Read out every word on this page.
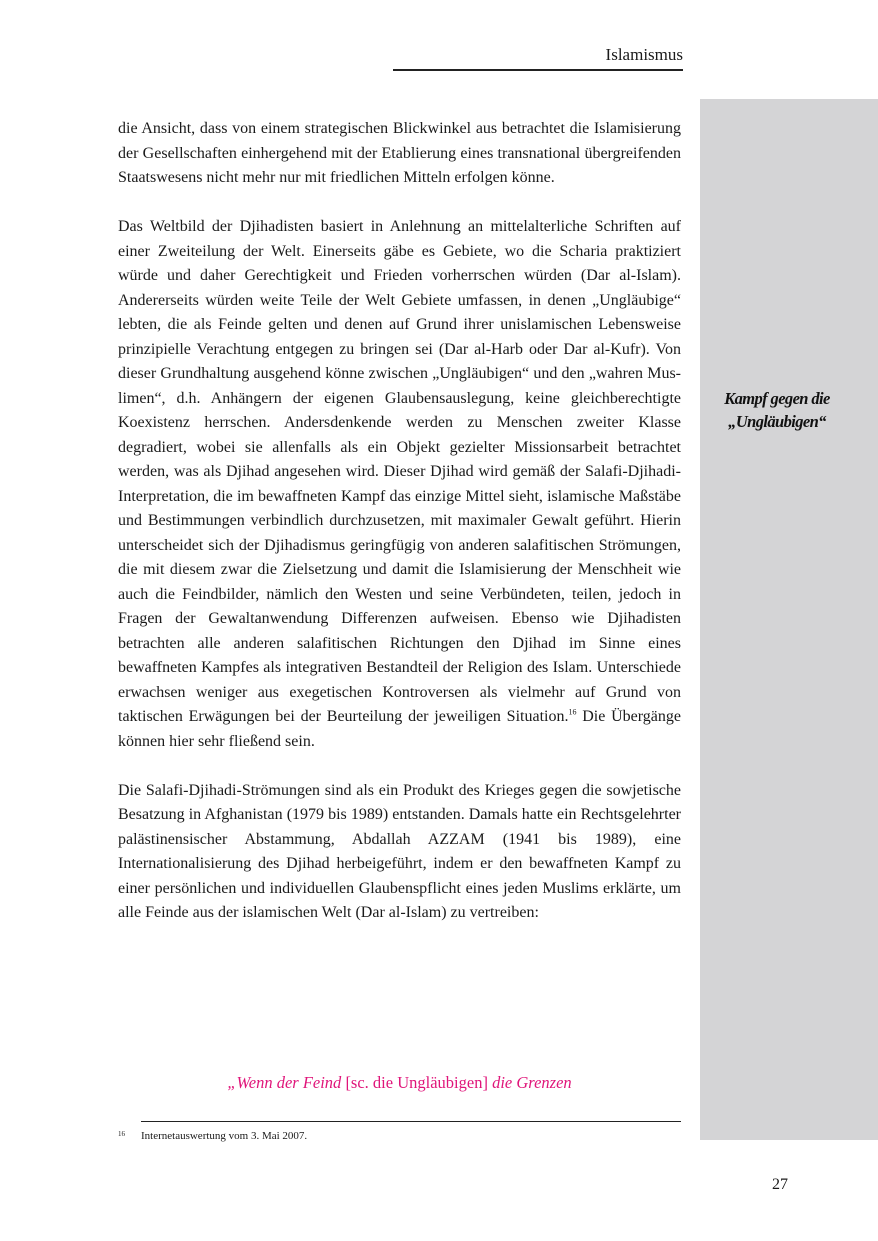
Islamismus
Kampf gegen die
„Ungläubigen“

die Ansicht, dass von einem strategischen Blickwinkel aus betrachtet die Islamisierung der Gesellschaften einhergehend mit der Etablierung eines transnational übergreifenden Staatswesens nicht mehr nur mit friedlichen Mitteln erfolgen könne.

Das Weltbild der Djihadisten basiert in Anlehnung an mittelalterliche Schriften auf einer Zweiteilung der Welt. Einerseits gäbe es Gebiete, wo die Scharia praktiziert würde und daher Gerechtigkeit und Frieden vorherrschen würden (Dar al-Islam). Andererseits würden weite Teile der Welt Gebiete umfassen, in denen „Ungläubige“ lebten, die als Feinde gelten und denen auf Grund ihrer unislamischen Lebensweise prinzipielle Verachtung entgegen zu bringen sei (Dar al-Harb oder Dar al-Kufr). Von dieser Grundhaltung ausgehend könne zwischen „Ungläubigen“ und den „wahren Muslimen“, d.h. Anhängern der eigenen Glaubensauslegung, keine gleichberechtigte Koexistenz herrschen. Andersdenkende werden zu Menschen zweiter Klasse degradiert, wobei sie allenfalls als ein Objekt gezielter Missionsarbeit betrachtet werden, was als Djihad angesehen wird. Dieser Djihad wird gemäß der Salafi-Djihadi-Interpretation, die im bewaffneten Kampf das einzige Mittel sieht, islamische Maßstäbe und Bestimmungen verbindlich durchzusetzen, mit maximaler Gewalt geführt. Hierin unterscheidet sich der Djihadismus geringfügig von anderen salafitischen Strömungen, die mit diesem zwar die Zielsetzung und damit die Islamisierung der Menschheit wie auch die Feindbilder, nämlich den Westen und seine Verbündeten, teilen, jedoch in Fragen der Gewaltanwendung Differenzen aufweisen. Ebenso wie Djihadisten betrachten alle anderen salafitischen Richtungen den Djihad im Sinne eines bewaffneten Kampfes als integrativen Bestandteil der Religion des Islam. Unterschiede erwachsen weniger aus exegetischen Kontroversen als vielmehr auf Grund von taktischen Erwägungen bei der Beurteilung der jeweiligen Situation.$^{16}$ Die Übergänge können hier sehr fließend sein.

Die Salafi-Djihadi-Strömungen sind als ein Produkt des Krieges gegen die sowjetische Besatzung in Afghanistan (1979 bis 1989) entstanden. Damals hatte ein Rechtsgelehrter palästinensischer Abstammung, Abdallah AZZAM (1941 bis 1989), eine Internationalisierung des Djihad herbeigeführt, indem er den bewaffneten Kampf zu einer persönlichen und individuellen Glaubenspflicht eines jeden Muslims erklärte, um alle Feinde aus der islamischen Welt (Dar al-Islam) zu vertreiben:

„Wenn der Feind [sc. die Ungläubigen] die Grenzen
16 Internetauswertung vom 3. Mai 2007.
27
